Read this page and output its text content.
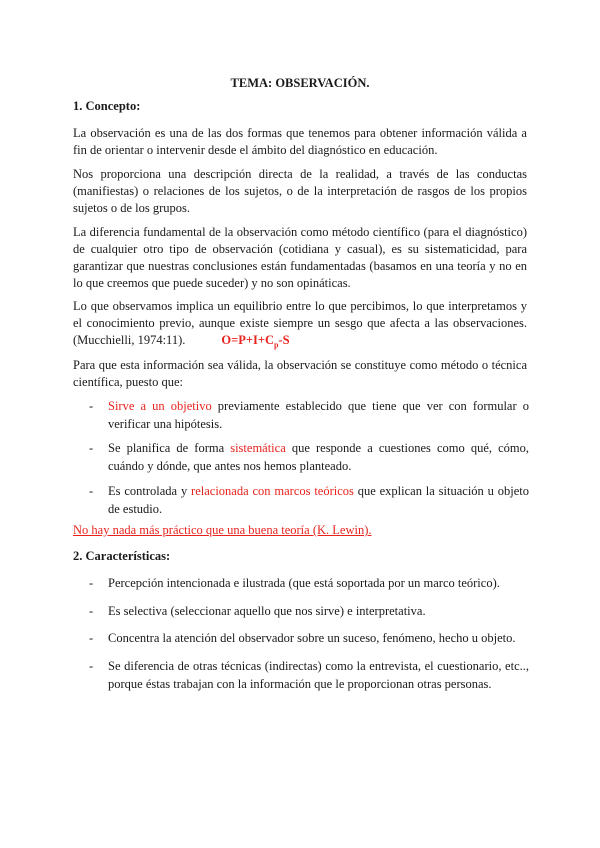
TEMA: OBSERVACIÓN.
1. Concepto:

La observación es una de las dos formas que tenemos para obtener información válida a fin de orientar o intervenir desde el ámbito del diagnóstico en educación.

Nos proporciona una descripción directa de la realidad, a través de las conductas (manifiestas) o relaciones de los sujetos, o de la interpretación de rasgos de los propios sujetos o de los grupos.

La diferencia fundamental de la observación como método científico (para el diagnóstico) de cualquier otro tipo de observación (cotidiana y casual), es su sistematicidad, para garantizar que nuestras conclusiones están fundamentadas (basamos en una teoría y no en lo que creemos que puede suceder) y no son opináticas.

Lo que observamos implica un equilibrio entre lo que percibimos, lo que interpretamos y el conocimiento previo, aunque existe siempre un sesgo que afecta a las observaciones. (Mucchielli, 1974:11).	$O=P+I+C_p-S$

Para que esta información sea válida, la observación se constituye como método o técnica científica, puesto que:

- Sirve a un objetivo previamente establecido que tiene que ver con formular o verificar una hipótesis.
- Se planifica de forma sistemática que responde a cuestiones como qué, cómo, cuándo y dónde, que antes nos hemos planteado.
- Es controlada y relacionada con marcos teóricos que explican la situación u objeto de estudio.
No hay nada más práctico que una buena teoría (K. Lewin).
2. Características:
- Percepción intencionada e ilustrada (que está soportada por un marco teórico).
- Es selectiva (seleccionar aquello que nos sirve) e interpretativa.
- Concentra la atención del observador sobre un suceso, fenómeno, hecho u objeto.
- Se diferencia de otras técnicas (indirectas) como la entrevista, el cuestionario, etc.., porque éstas trabajan con la información que le proporcionan otras personas.
